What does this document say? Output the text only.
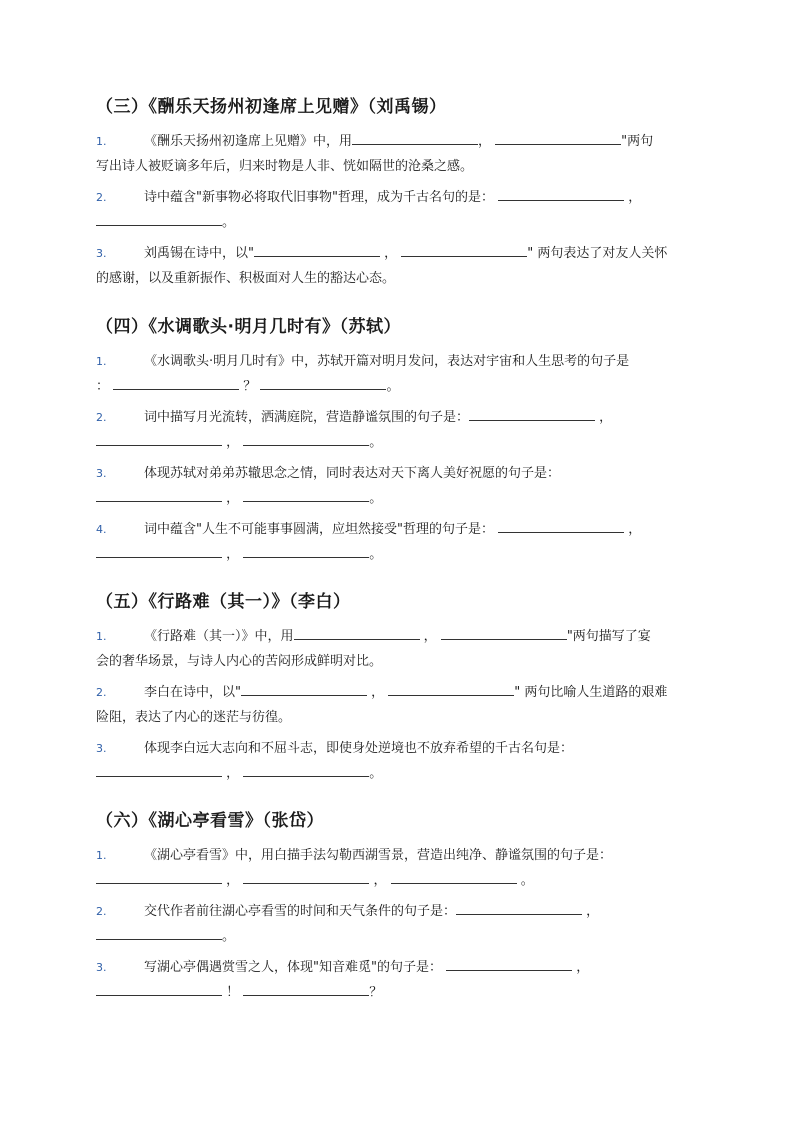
（三）《酬乐天扬州初逢席上见赠》（刘禹锡）
1.	《酬乐天扬州初逢席上见赠》中，用	，	"两句
写出诗人被贬谪多年后，归来时物是人非、恍如隔世的沧桑之感。
2.	诗中蕴含"新事物必将取代旧事物"哲理，成为千古名句的是：	，
。
3.	刘禹锡在诗中，以"	，	" 两句表达了对友人关怀
的感谢，以及重新振作、积极面对人生的豁达心态。
（四）《水调歌头·明月几时有》（苏轼）
1.	《水调歌头·明月几时有》中，苏轼开篇对明月发问，表达对宇宙和人生思考的句子是
：	？	。
2.	词中描写月光流转，洒满庭院，营造静谧氛围的句子是：	，
，	。
3.	体现苏轼对弟弟苏辙思念之情，同时表达对天下离人美好祝愿的句子是：
，	。
4.	词中蕴含"人生不可能事事圆满，应坦然接受"哲理的句子是：	，
，	。
（五）《行路难（其一）》（李白）
1.	《行路难（其一）》中，用	，	"两句描写了宴
会的奢华场景，与诗人内心的苦闷形成鲜明对比。
2.	李白在诗中，以"	，	" 两句比喻人生道路的艰难
险阻，表达了内心的迷茫与彷徨。
3.	体现李白远大志向和不屈斗志，即使身处逆境也不放弃希望的千古名句是：
，	。
（六）《湖心亭看雪》（张岱）
1.	《湖心亭看雪》中，用白描手法勾勒西湖雪景，营造出纯净、静谧氛围的句子是：
，	，	。
2.	交代作者前往湖心亭看雪的时间和天气条件的句子是：	，
。
3.	写湖心亭偶遇赏雪之人，体现"知音难觅"的句子是：	，
！	？
